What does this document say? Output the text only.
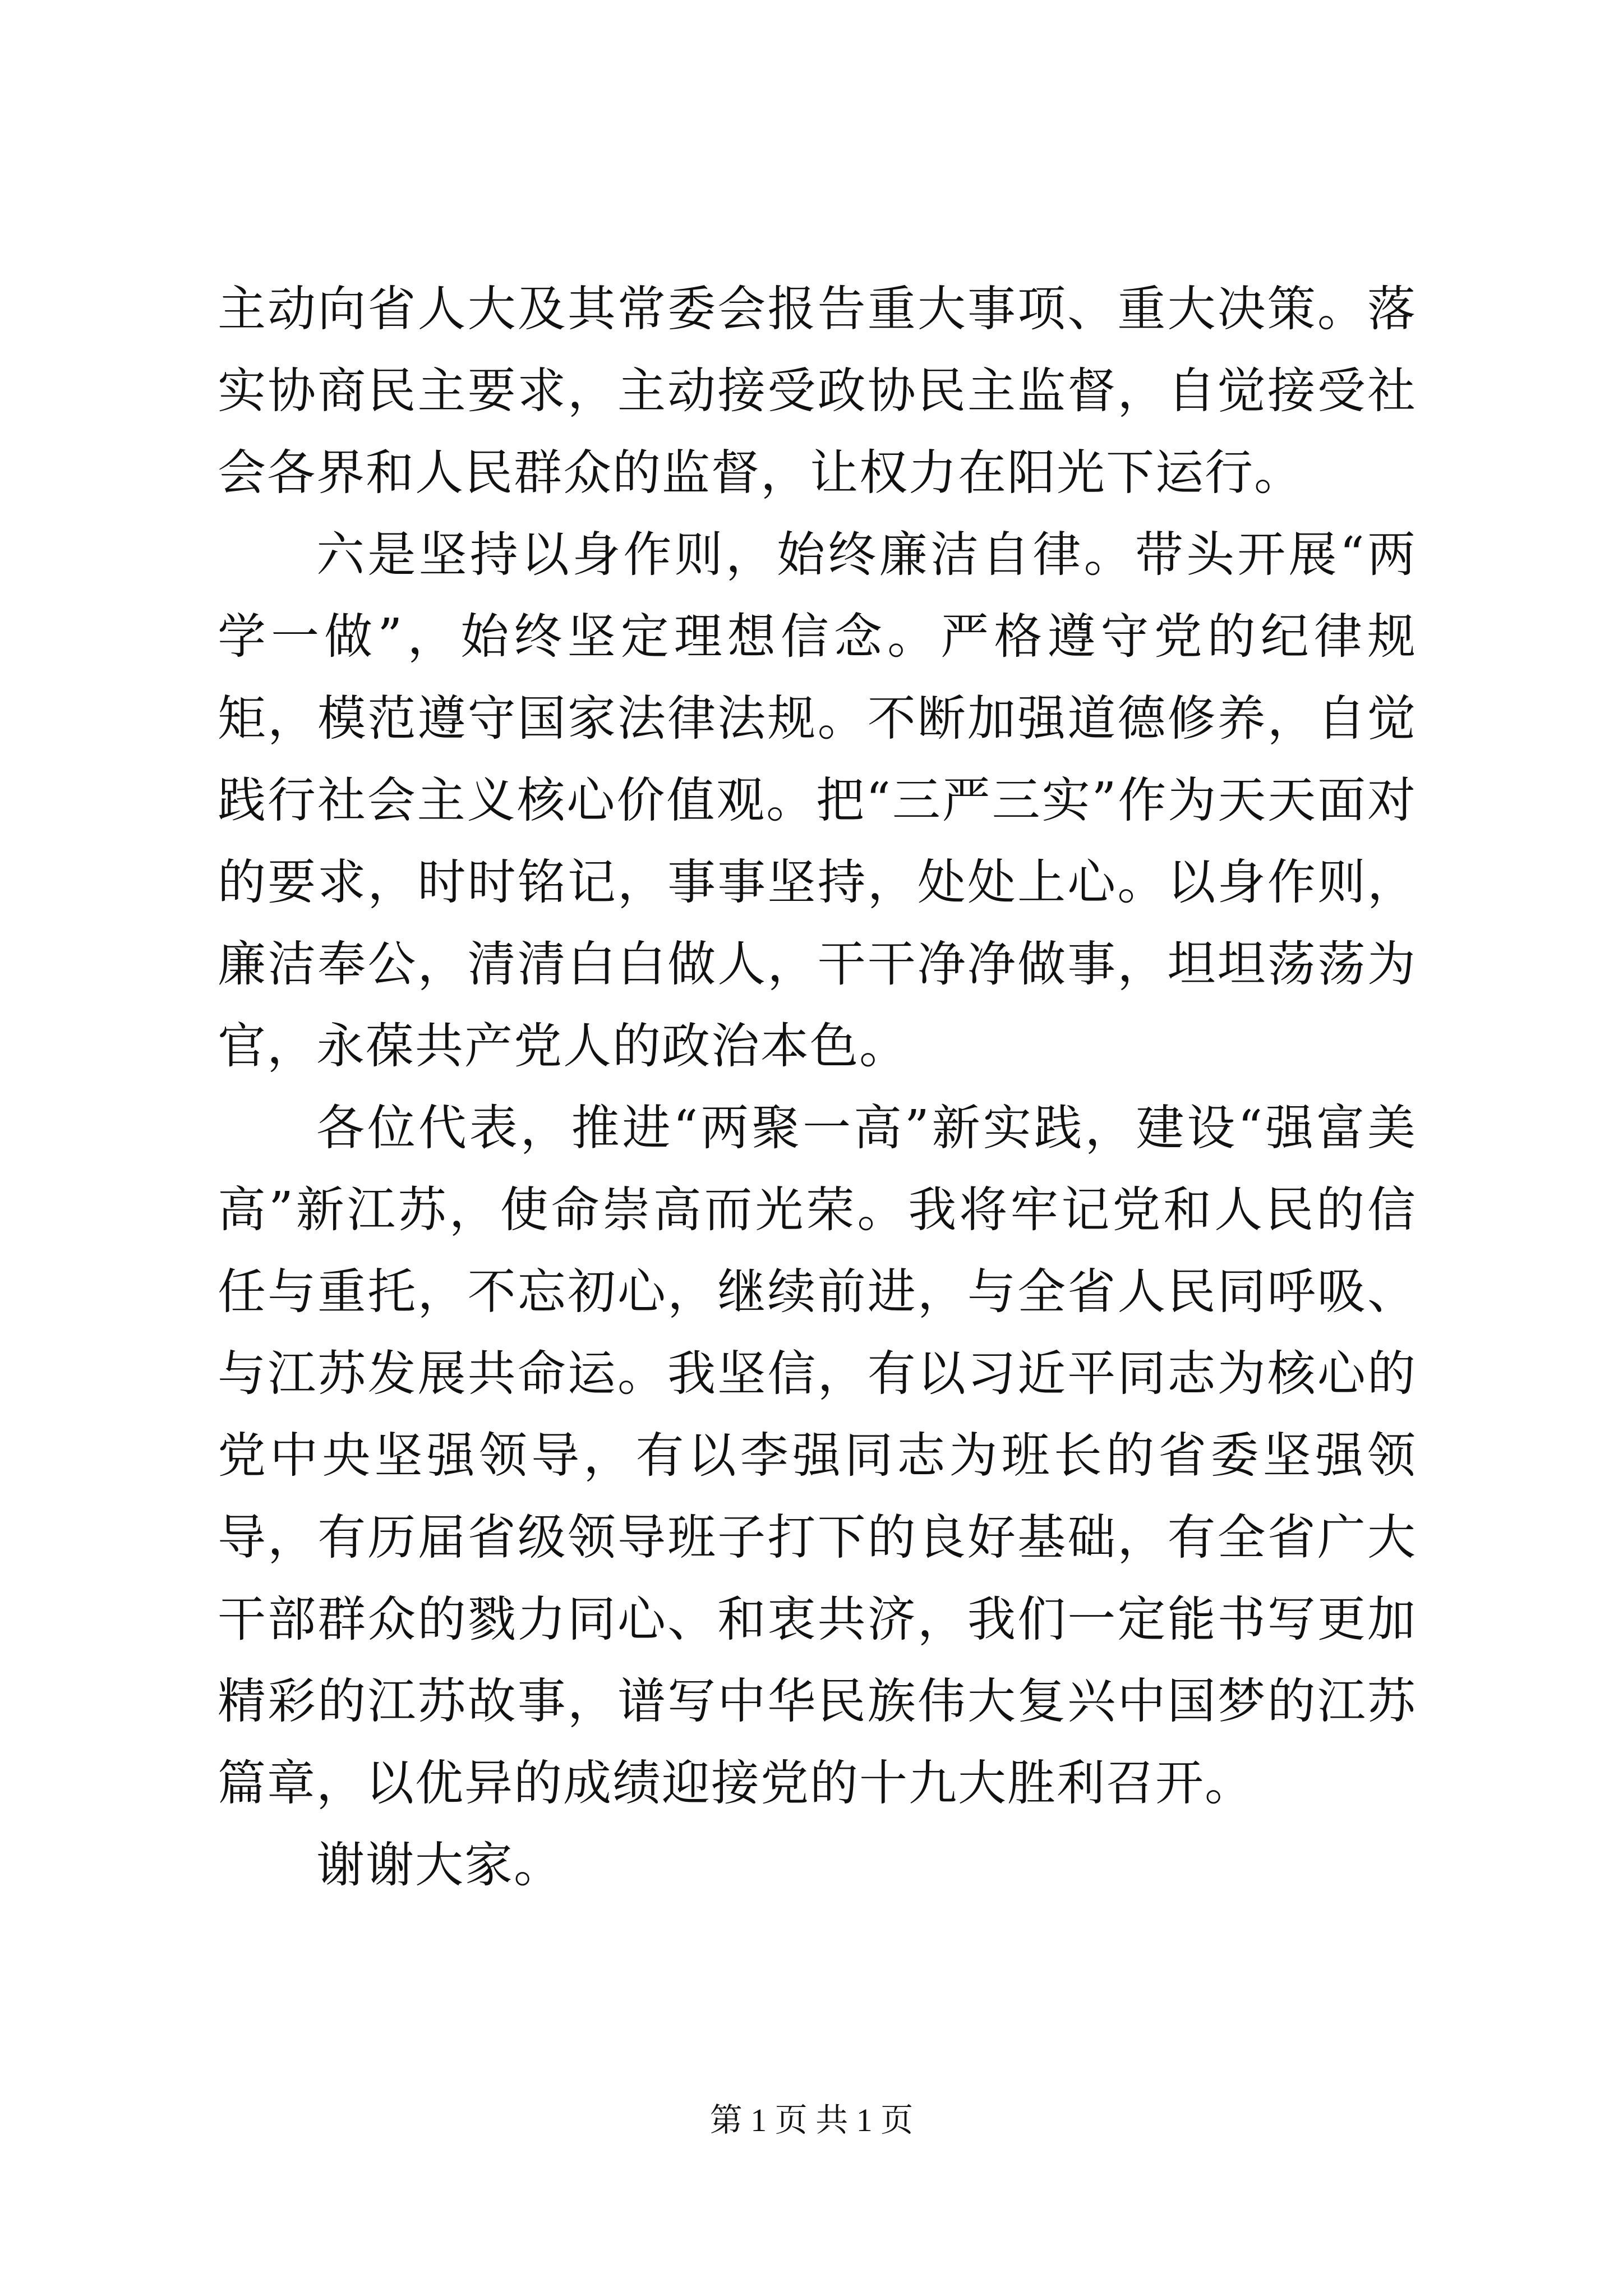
主动向省人大及其常委会报告重大事项、重大决策。落实协商民主要求，主动接受政协民主监督，自觉接受社会各界和人民群众的监督，让权力在阳光下运行。

六是坚持以身作则，始终廉洁自律。带头开展“两学一做”，始终坚定理想信念。严格遵守党的纪律规矩，模范遵守国家法律法规。不断加强道德修养，自觉践行社会主义核心价值观。把“三严三实”作为天天面对的要求，时时铭记，事事坚持，处处上心。以身作则，廉洁奉公，清清白白做人，干干净净做事，坦坦荡荡为官，永葆共产党人的政治本色。

各位代表，推进“两聚一高”新实践，建设“强富美高”新江苏，使命崇高而光荣。我将牢记党和人民的信任与重托，不忘初心，继续前进，与全省人民同呼吸、与江苏发展共命运。我坚信，有以习近平同志为核心的党中央坚强领导，有以李强同志为班长的省委坚强领导，有历届省级领导班子打下的良好基础，有全省广大干部群众的戮力同心、和衷共济，我们一定能书写更加精彩的江苏故事，谱写中华民族伟大复兴中国梦的江苏篇章，以优异的成绩迎接党的十九大胜利召开。

谢谢大家。

第 1 页 共 1 页
